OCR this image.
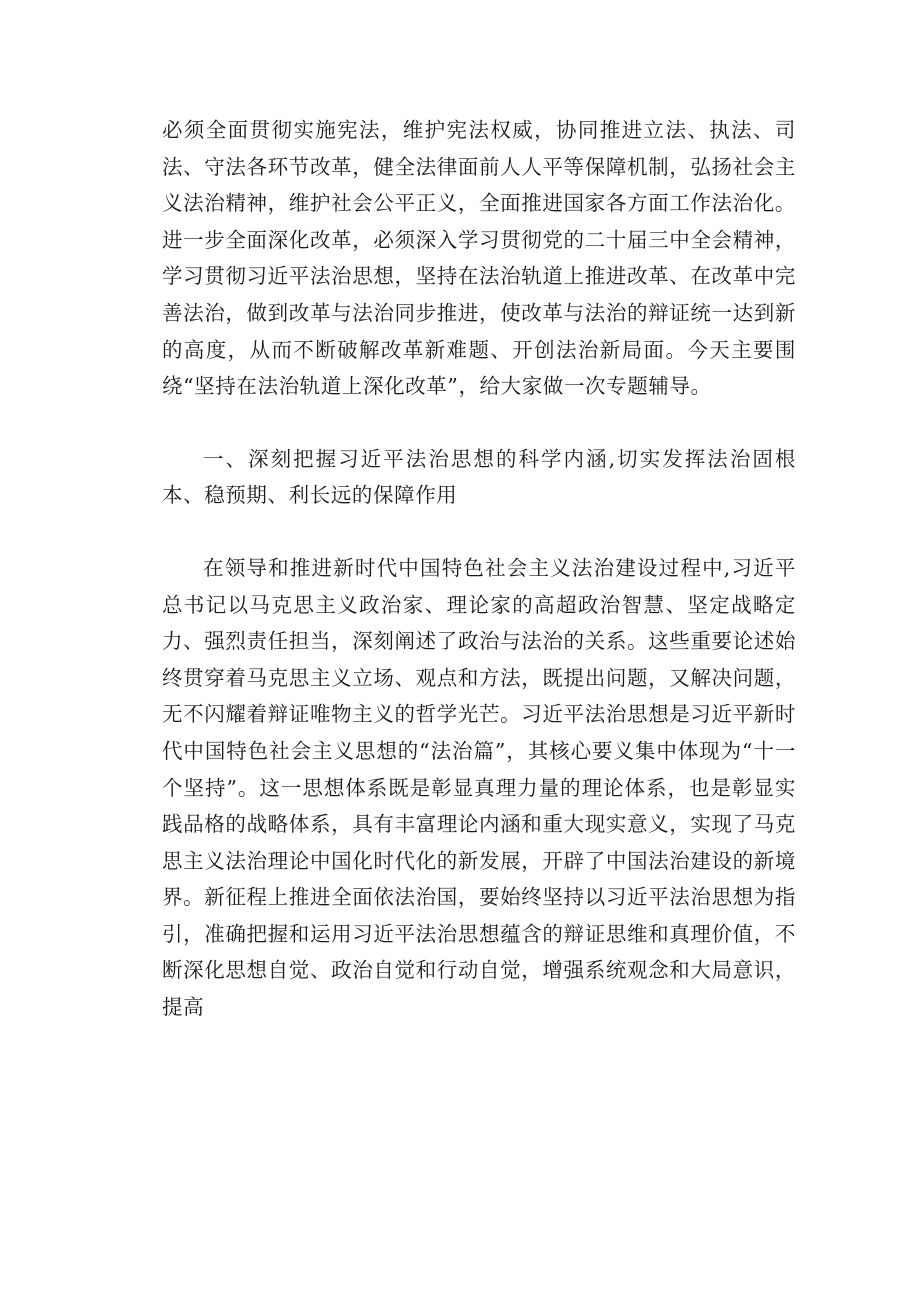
必须全面贯彻实施宪法，维护宪法权威，协同推进立法、执法、司法、守法各环节改革，健全法律面前人人平等保障机制，弘扬社会主义法治精神，维护社会公平正义，全面推进国家各方面工作法治化。进一步全面深化改革，必须深入学习贯彻党的二十届三中全会精神，学习贯彻习近平法治思想，坚持在法治轨道上推进改革、在改革中完善法治，做到改革与法治同步推进，使改革与法治的辩证统一达到新的高度，从而不断破解改革新难题、开创法治新局面。今天主要围绕“坚持在法治轨道上深化改革”，给大家做一次专题辅导。

一、深刻把握习近平法治思想的科学内涵,切实发挥法治固根本、稳预期、利长远的保障作用

在领导和推进新时代中国特色社会主义法治建设过程中,习近平总书记以马克思主义政治家、理论家的高超政治智慧、坚定战略定力、强烈责任担当，深刻阐述了政治与法治的关系。这些重要论述始终贯穿着马克思主义立场、观点和方法，既提出问题，又解决问题，无不闪耀着辩证唯物主义的哲学光芒。习近平法治思想是习近平新时代中国特色社会主义思想的“法治篇”，其核心要义集中体现为“十一个坚持”。这一思想体系既是彰显真理力量的理论体系，也是彰显实践品格的战略体系，具有丰富理论内涵和重大现实意义，实现了马克思主义法治理论中国化时代化的新发展，开辟了中国法治建设的新境界。新征程上推进全面依法治国，要始终坚持以习近平法治思想为指引，准确把握和运用习近平法治思想蕴含的辩证思维和真理价值，不断深化思想自觉、政治自觉和行动自觉，增强系统观念和大局意识，提高
